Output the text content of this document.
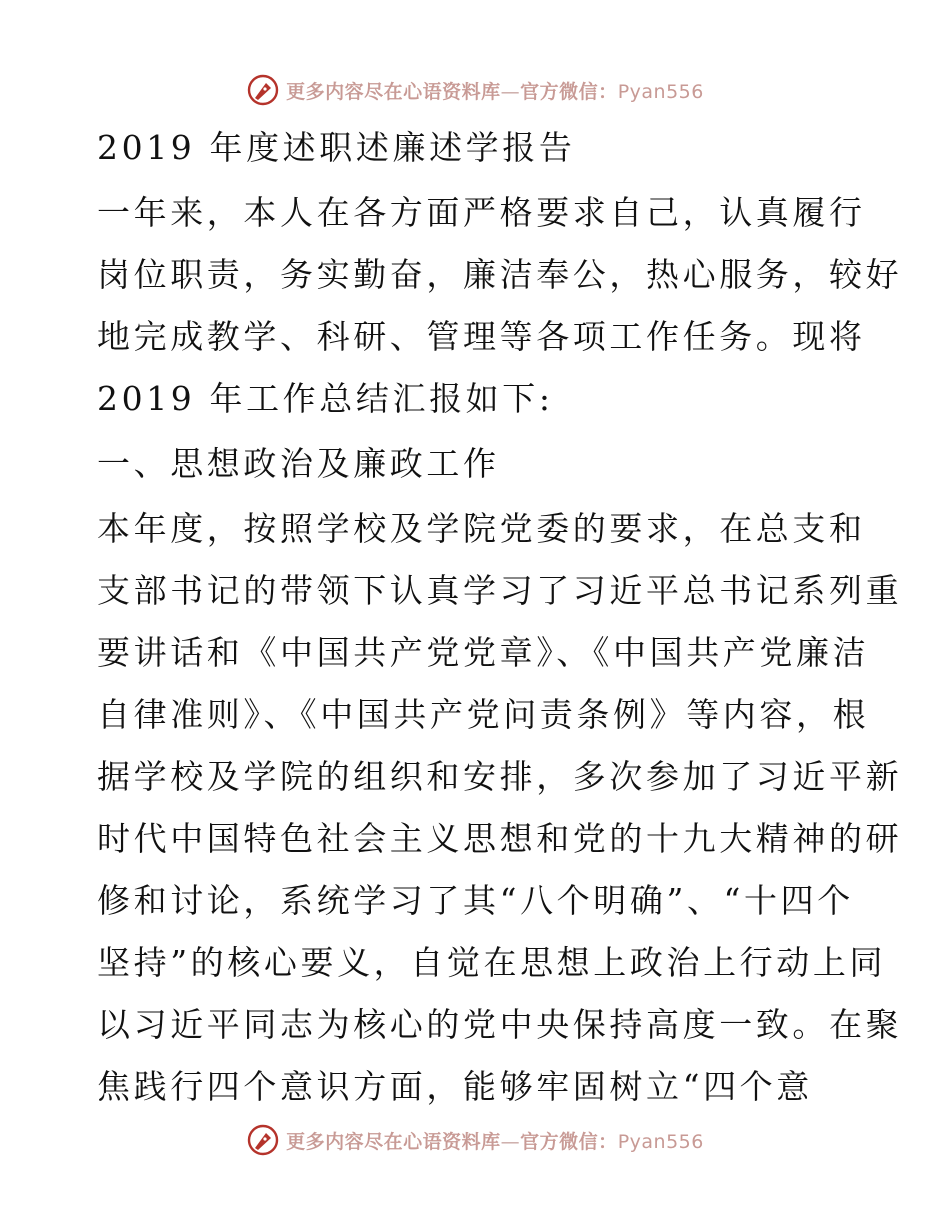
更多内容尽在心语资料库—官方微信：Pyan556
2019 年度述职述廉述学报告
一年来，本人在各方面严格要求自己，认真履行
岗位职责，务实勤奋，廉洁奉公，热心服务，较好
地完成教学、科研、管理等各项工作任务。现将
2019 年工作总结汇报如下:
一、思想政治及廉政工作
本年度，按照学校及学院党委的要求，在总支和
支部书记的带领下认真学习了习近平总书记系列重
要讲话和《中国共产党党章》、《中国共产党廉洁
自律准则》、《中国共产党问责条例》等内容，根
据学校及学院的组织和安排，多次参加了习近平新
时代中国特色社会主义思想和党的十九大精神的研
修和讨论，系统学习了其“八个明确”、“十四个
坚持”的核心要义，自觉在思想上政治上行动上同
以习近平同志为核心的党中央保持高度一致。在聚
焦践行四个意识方面，能够牢固树立“四个意
更多内容尽在心语资料库—官方微信：Pyan556
